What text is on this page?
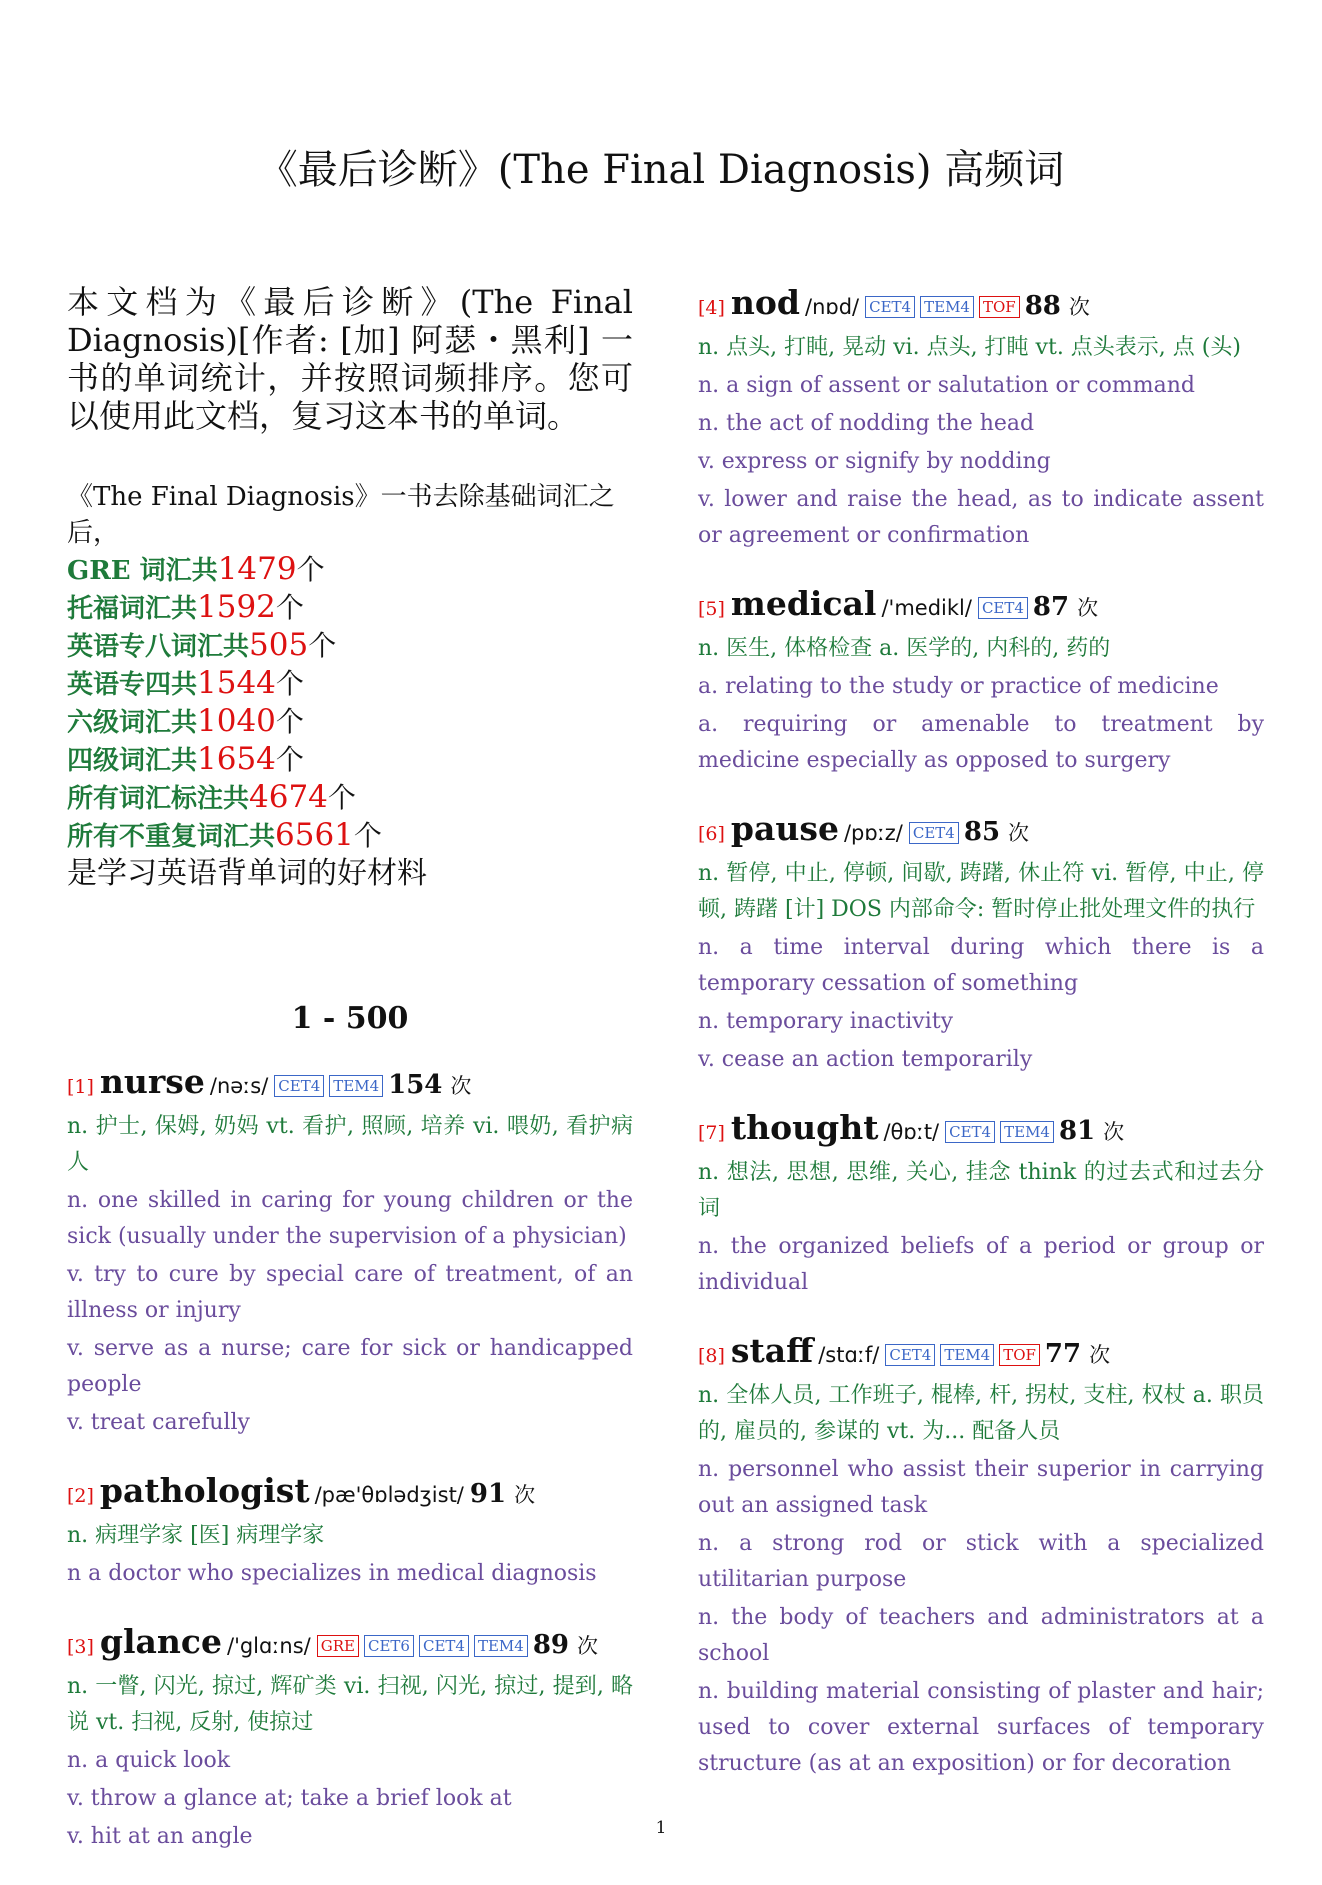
《最后诊断》(The Final Diagnosis) 高频词

本文档为《最后诊断》(The Final Diagnosis)[作者: [加] 阿瑟・黑利] 一书的单词统计，并按照词频排序。您可以使用此文档，复习这本书的单词。

《The Final Diagnosis》一书去除基础词汇之后，
GRE 词汇共1479个
托福词汇共1592个
英语专八词汇共505个
英语专四共1544个
六级词汇共1040个
四级词汇共1654个
所有词汇标注共4674个
所有不重复词汇共6561个
是学习英语背单词的好材料
1 - 500
[1] nurse /nəːs/ CET4 TEM4 154 次
n. 护士, 保姆, 奶妈 vt. 看护, 照顾, 培养 vi. 喂奶, 看护病人
n. one skilled in caring for young children or the sick (usually under the supervision of a physician)
v. try to cure by special care of treatment, of an illness or injury
v. serve as a nurse; care for sick or handicapped people
v. treat carefully
[2] pathologist /pæ'θɒlədʒist/ 91 次
n. 病理学家 [医] 病理学家
n a doctor who specializes in medical diagnosis
[3] glance /'glɑːns/ GRE CET6 CET4 TEM4 89 次
n. 一瞥, 闪光, 掠过, 辉矿类 vi. 扫视, 闪光, 掠过, 提到, 略说 vt. 扫视, 反射, 使掠过
n. a quick look
v. throw a glance at; take a brief look at
v. hit at an angle
[4] nod /nɒd/ CET4 TEM4 TOF 88 次
n. 点头, 打盹, 晃动 vi. 点头, 打盹 vt. 点头表示, 点 (头)
n. a sign of assent or salutation or command
n. the act of nodding the head
v. express or signify by nodding
v. lower and raise the head, as to indicate assent or agreement or confirmation
[5] medical /'medikl/ CET4 87 次
n. 医生, 体格检查 a. 医学的, 内科的, 药的
a. relating to the study or practice of medicine
a. requiring or amenable to treatment by medicine especially as opposed to surgery
[6] pause /pɒːz/ CET4 85 次
n. 暂停, 中止, 停顿, 间歇, 踌躇, 休止符 vi. 暂停, 中止, 停顿, 踌躇 [计] DOS 内部命令: 暂时停止批处理文件的执行
n. a time interval during which there is a temporary cessation of something
n. temporary inactivity
v. cease an action temporarily
[7] thought /θɒːt/ CET4 TEM4 81 次
n. 想法, 思想, 思维, 关心, 挂念 think 的过去式和过去分词
n. the organized beliefs of a period or group or individual
[8] staff /stɑːf/ CET4 TEM4 TOF 77 次
n. 全体人员, 工作班子, 棍棒, 杆, 拐杖, 支柱, 权杖 a. 职员的, 雇员的, 参谋的 vt. 为... 配备人员
n. personnel who assist their superior in carrying out an assigned task
n. a strong rod or stick with a specialized utilitarian purpose
n. the body of teachers and administrators at a school
n. building material consisting of plaster and hair; used to cover external surfaces of temporary structure (as at an exposition) or for decoration
1
